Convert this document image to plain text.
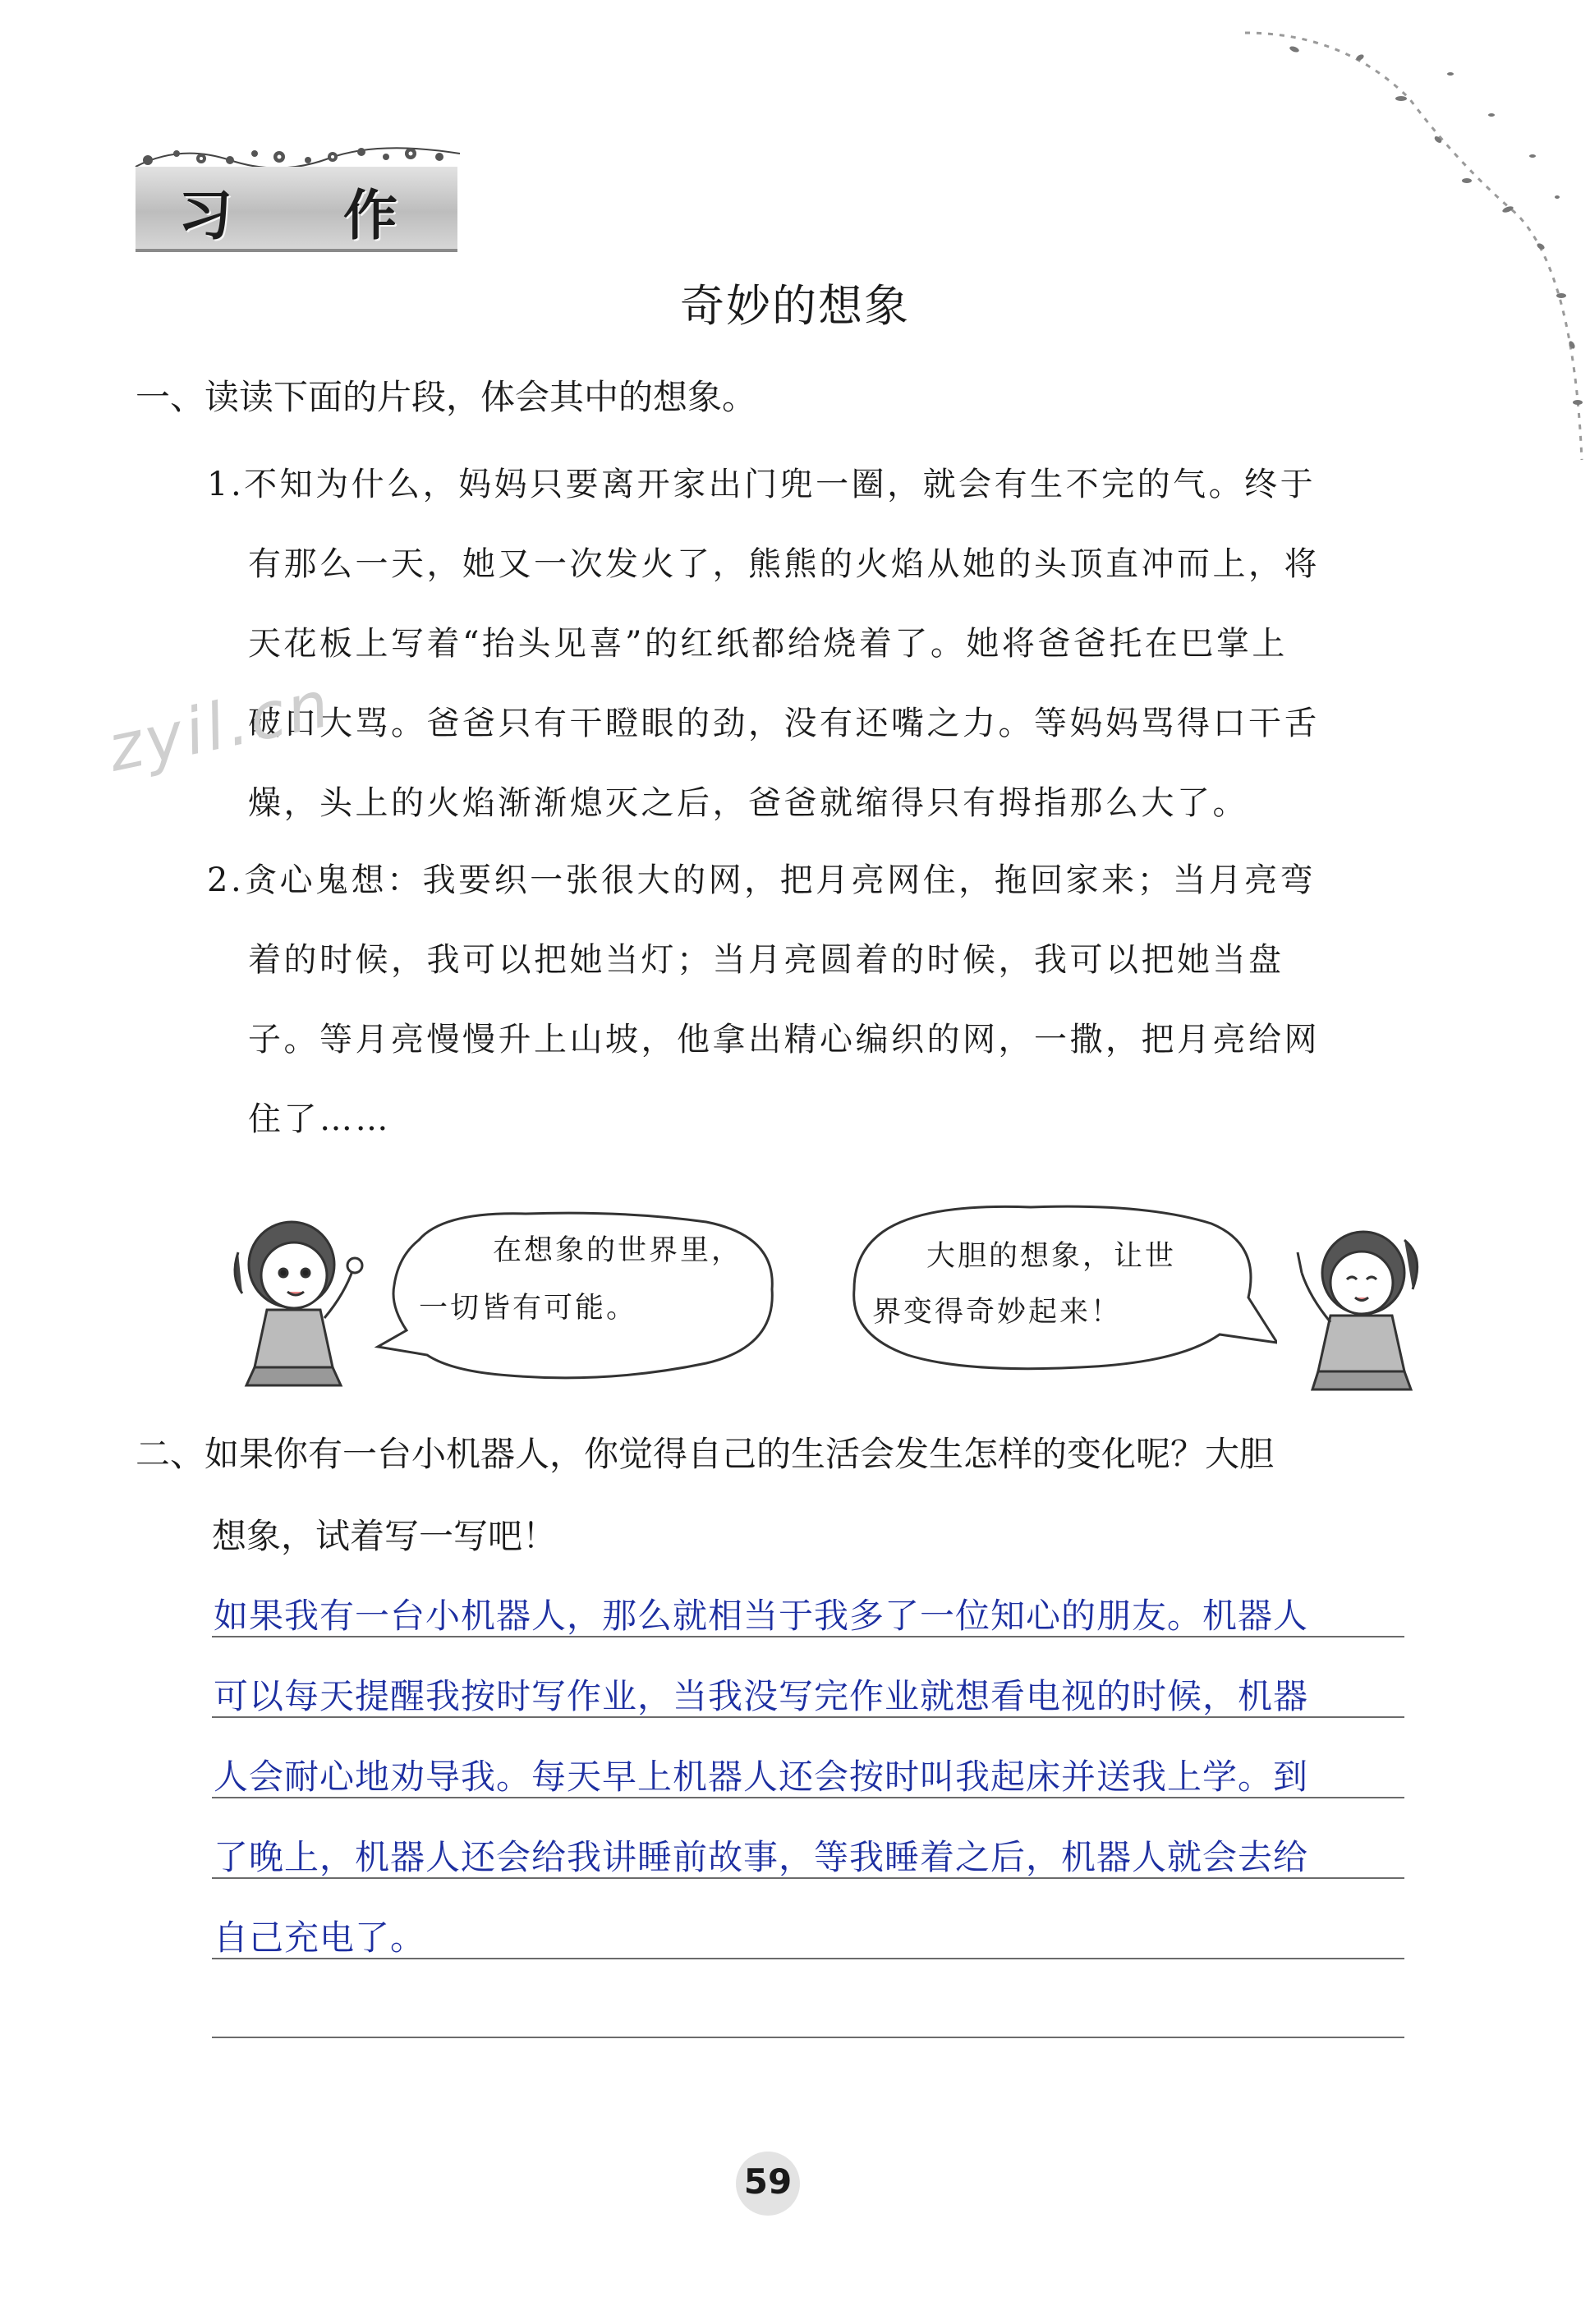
习 作
奇妙的想象
一、读读下面的片段，体会其中的想象。
1.不知为什么，妈妈只要离开家出门兜一圈，就会有生不完的气。终于
有那么一天，她又一次发火了，熊熊的火焰从她的头顶直冲而上，将
天花板上写着“抬头见喜”的红纸都给烧着了。她将爸爸托在巴掌上
破口大骂。爸爸只有干瞪眼的劲，没有还嘴之力。等妈妈骂得口干舌
燥，头上的火焰渐渐熄灭之后，爸爸就缩得只有拇指那么大了。
2.贪心鬼想：我要织一张很大的网，把月亮网住，拖回家来；当月亮弯
着的时候，我可以把她当灯；当月亮圆着的时候，我可以把她当盘
子。等月亮慢慢升上山坡，他拿出精心编织的网，一撒，把月亮给网
住了……
zyil.cn
在想象的世界里，
一切皆有可能。
大胆的想象，让世
界变得奇妙起来！
二、如果你有一台小机器人，你觉得自己的生活会发生怎样的变化呢？大胆
想象，试着写一写吧！
如果我有一台小机器人，那么就相当于我多了一位知心的朋友。机器人
可以每天提醒我按时写作业，当我没写完作业就想看电视的时候，机器
人会耐心地劝导我。每天早上机器人还会按时叫我起床并送我上学。到
了晚上，机器人还会给我讲睡前故事，等我睡着之后，机器人就会去给
自己充电了。
59
